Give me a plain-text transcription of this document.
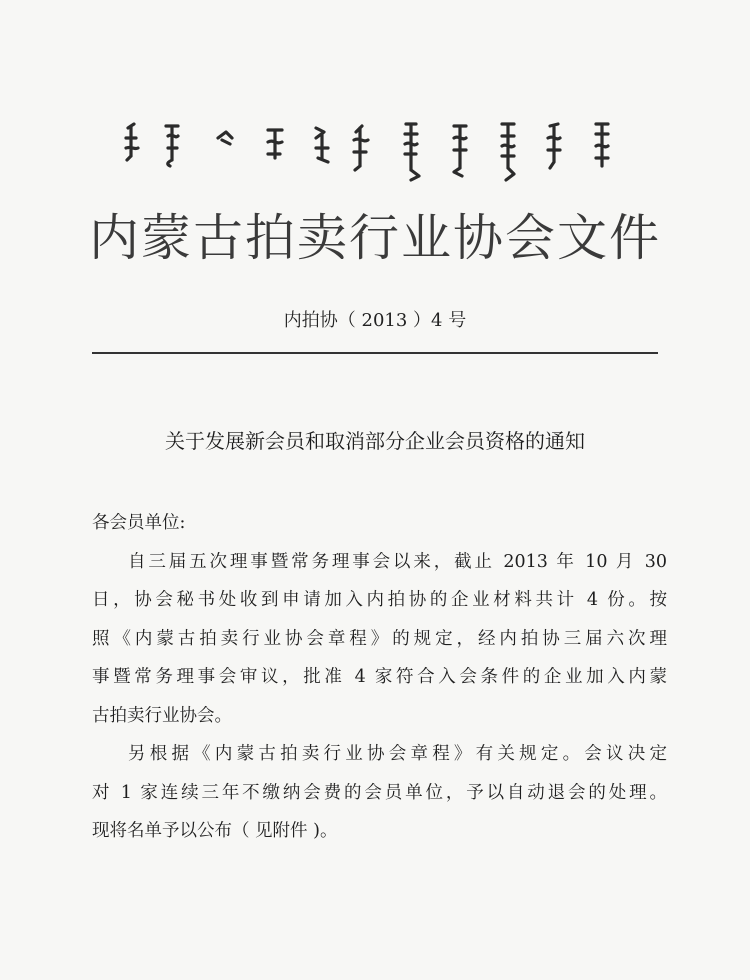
内蒙古拍卖行业协会文件
内拍协（ 2013 ）4 号
关于发展新会员和取消部分企业会员资格的通知
各会员单位:
自三届五次理事暨常务理事会以来，截止 2013 年 10 月 30
日，协会秘书处收到申请加入内拍协的企业材料共计 4 份。按
照《内蒙古拍卖行业协会章程》的规定，经内拍协三届六次理
事暨常务理事会审议，批准 4 家符合入会条件的企业加入内蒙
古拍卖行业协会。
另根据《内蒙古拍卖行业协会章程》有关规定。会议决定
对 1 家连续三年不缴纳会费的会员单位，予以自动退会的处理。
现将名单予以公布（ 见附件 )。
